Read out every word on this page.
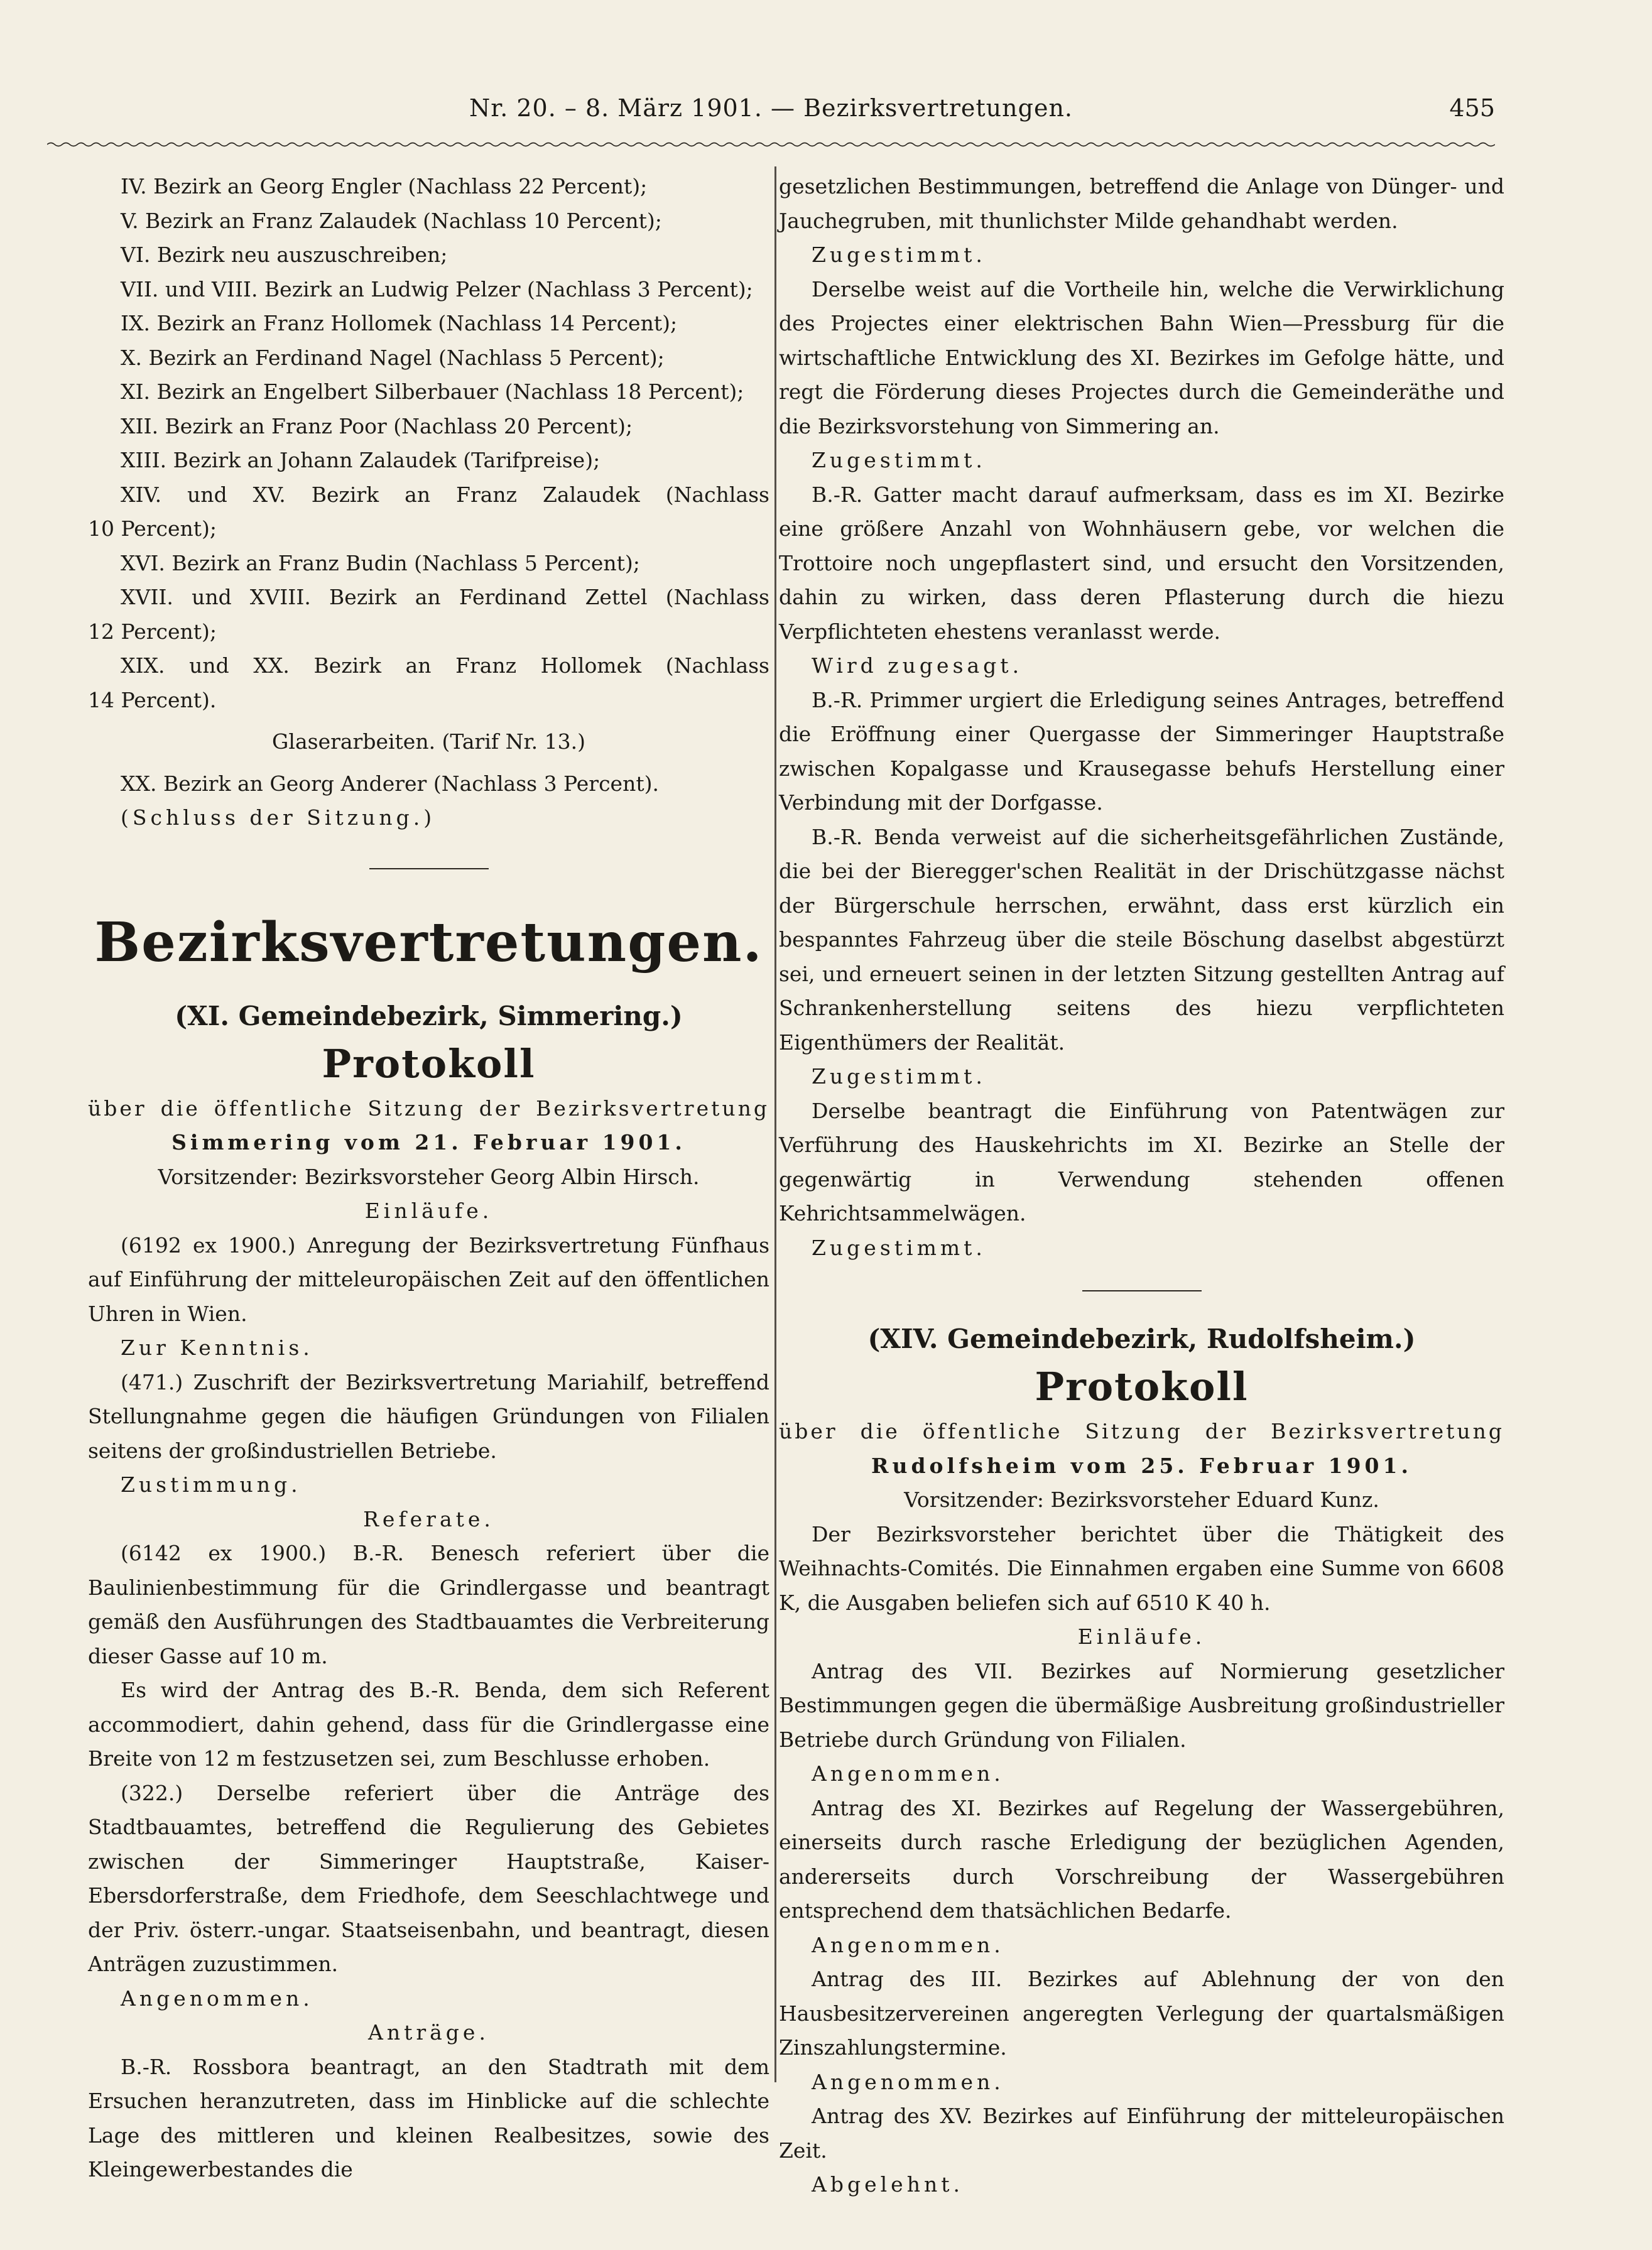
Nr. 20. – 8. März 1901. — Bezirksvertretungen.	455

IV. Bezirk an Georg Engler (Nachlass 22 Percent);

V. Bezirk an Franz Zalaudek (Nachlass 10 Percent);

VI. Bezirk neu auszuschreiben;

VII. und VIII. Bezirk an Ludwig Pelzer (Nachlass 3 Percent);

IX. Bezirk an Franz Hollomek (Nachlass 14 Percent);

X. Bezirk an Ferdinand Nagel (Nachlass 5 Percent);

XI. Bezirk an Engelbert Silberbauer (Nachlass 18 Percent);

XII. Bezirk an Franz Poor (Nachlass 20 Percent);

XIII. Bezirk an Johann Zalaudek (Tarifpreise);

XIV. und XV. Bezirk an Franz Zalaudek (Nachlass

10 Percent);

XVI. Bezirk an Franz Budin (Nachlass 5 Percent);

XVII. und XVIII. Bezirk an Ferdinand Zettel (Nachlass

12 Percent);

XIX. und XX. Bezirk an Franz Hollomek (Nachlass

14 Percent).

Glaserarbeiten. (Tarif Nr. 13.)

XX. Bezirk an Georg Anderer (Nachlass 3 Percent).

(Schluss der Sitzung.)

Bezirksvertretungen.
(XI. Gemeindebezirk, Simmering.)
Protokoll

über die öffentliche Sitzung der Bezirksvertretung

Simmering vom 21. Februar 1901.

Vorsitzender: Bezirksvorsteher Georg Albin Hirsch.

Einläufe.

(6192 ex 1900.) Anregung der Bezirksvertretung Fünfhaus auf Einführung der mitteleuropäischen Zeit auf den öffentlichen Uhren in Wien.

Zur Kenntnis.

(471.) Zuschrift der Bezirksvertretung Mariahilf, betreffend Stellungnahme gegen die häufigen Gründungen von Filialen seitens der großindustriellen Betriebe.

Zustimmung.

Referate.

(6142 ex 1900.) B.-R. Benesch referiert über die Baulinienbestimmung für die Grindlergasse und beantragt gemäß den Ausführungen des Stadtbauamtes die Verbreiterung dieser Gasse auf 10 m.

Es wird der Antrag des B.-R. Benda, dem sich Referent accommodiert, dahin gehend, dass für die Grindlergasse eine Breite von 12 m festzusetzen sei, zum Beschlusse erhoben.

(322.) Derselbe referiert über die Anträge des Stadtbauamtes, betreffend die Regulierung des Gebietes zwischen der Simmeringer Hauptstraße, Kaiser-Ebersdorferstraße, dem Friedhofe, dem Seeschlachtwege und der Priv. österr.-ungar. Staatseisenbahn, und beantragt, diesen Anträgen zuzustimmen.

Angenommen.

Anträge.

B.-R. Rossbora beantragt, an den Stadtrath mit dem Ersuchen heranzutreten, dass im Hinblicke auf die schlechte Lage des mittleren und kleinen Realbesitzes, sowie des Kleingewerbestandes die

gesetzlichen Bestimmungen, betreffend die Anlage von Dünger- und Jauchegruben, mit thunlichster Milde gehandhabt werden.

Zugestimmt.

Derselbe weist auf die Vortheile hin, welche die Verwirklichung des Projectes einer elektrischen Bahn Wien—Pressburg für die wirtschaftliche Entwicklung des XI. Bezirkes im Gefolge hätte, und regt die Förderung dieses Projectes durch die Gemeinderäthe und die Bezirksvorstehung von Simmering an.

Zugestimmt.

B.-R. Gatter macht darauf aufmerksam, dass es im XI. Bezirke eine größere Anzahl von Wohnhäusern gebe, vor welchen die Trottoire noch ungepflastert sind, und ersucht den Vorsitzenden, dahin zu wirken, dass deren Pflasterung durch die hiezu Verpflichteten ehestens veranlasst werde.

Wird zugesagt.

B.-R. Primmer urgiert die Erledigung seines Antrages, betreffend die Eröffnung einer Quergasse der Simmeringer Hauptstraße zwischen Kopalgasse und Krausegasse behufs Herstellung einer Verbindung mit der Dorfgasse.

B.-R. Benda verweist auf die sicherheitsgefährlichen Zustände, die bei der Bieregger'schen Realität in der Drischützgasse nächst der Bürgerschule herrschen, erwähnt, dass erst kürzlich ein bespanntes Fahrzeug über die steile Böschung daselbst abgestürzt sei, und erneuert seinen in der letzten Sitzung gestellten Antrag auf Schrankenherstellung seitens des hiezu verpflichteten Eigenthümers der Realität.

Zugestimmt.

Derselbe beantragt die Einführung von Patentwägen zur Verführung des Hauskehrichts im XI. Bezirke an Stelle der gegenwärtig in Verwendung stehenden offenen Kehrichtsammelwägen.

Zugestimmt.

(XIV. Gemeindebezirk, Rudolfsheim.)
Protokoll

über die öffentliche Sitzung der Bezirksvertretung

Rudolfsheim vom 25. Februar 1901.

Vorsitzender: Bezirksvorsteher Eduard Kunz.

Der Bezirksvorsteher berichtet über die Thätigkeit des Weihnachts-Comités. Die Einnahmen ergaben eine Summe von 6608 K, die Ausgaben beliefen sich auf 6510 K 40 h.

Einläufe.

Antrag des VII. Bezirkes auf Normierung gesetzlicher Bestimmungen gegen die übermäßige Ausbreitung großindustrieller Betriebe durch Gründung von Filialen.

Angenommen.

Antrag des XI. Bezirkes auf Regelung der Wassergebühren, einerseits durch rasche Erledigung der bezüglichen Agenden, andererseits durch Vorschreibung der Wassergebühren entsprechend dem thatsächlichen Bedarfe.

Angenommen.

Antrag des III. Bezirkes auf Ablehnung der von den Hausbesitzervereinen angeregten Verlegung der quartalsmäßigen Zinszahlungstermine.

Angenommen.

Antrag des XV. Bezirkes auf Einführung der mitteleuropäischen Zeit.

Abgelehnt.
